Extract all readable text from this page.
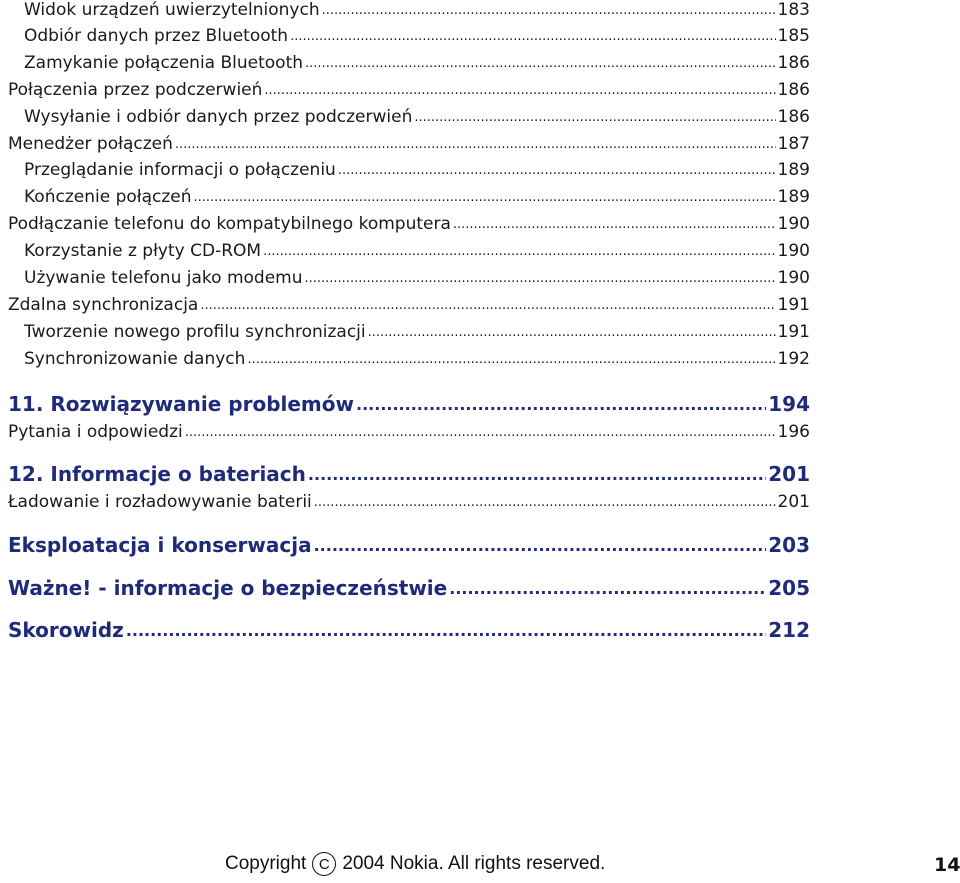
Widok urządzeń uwierzytelnionych .....	183
Odbiór danych przez Bluetooth .....	185
Zamykanie połączenia Bluetooth .....	186
Połączenia przez podczerwień .....	186
Wysyłanie i odbiór danych przez podczerwień .....	186
Menedżer połączeń .....	187
Przeglądanie informacji o połączeniu .....	189
Kończenie połączeń .....	189
Podłączanie telefonu do kompatybilnego komputera .....	190
Korzystanie z płyty CD-ROM .....	190
Używanie telefonu jako modemu .....	190
Zdalna synchronizacja .....	191
Tworzenie nowego profilu synchronizacji .....	191
Synchronizowanie danych .....	192
11. Rozwiązywanie problemów .....	194
Pytania i odpowiedzi .....	196
12. Informacje o bateriach .....	201
Ładowanie i rozładowywanie baterii .....	201
Eksploatacja i konserwacja .....	203
Ważne! - informacje o bezpieczeństwie .....	205
Skorowidz .....	212
Copyright C 2004 Nokia. All rights reserved.	14
